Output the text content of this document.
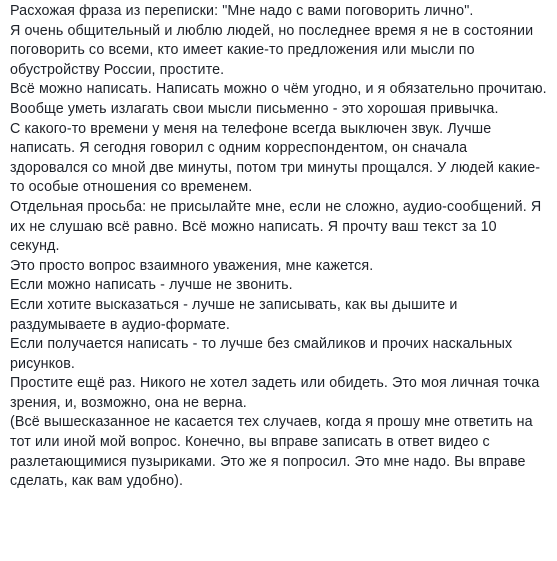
Расхожая фраза из переписки: "Мне надо с вами поговорить лично".

Я очень общительный и люблю людей, но последнее время я не в состоянии поговорить со всеми, кто имеет какие-то предложения или мысли по обустройству России, простите.

Всё можно написать. Написать можно о чём угодно, и я обязательно прочитаю.

Вообще уметь излагать свои мысли письменно - это хорошая привычка.

С какого-то времени у меня на телефоне всегда выключен звук. Лучше написать. Я сегодня говорил с одним корреспондентом, он сначала здоровался со мной две минуты, потом три минуты прощался. У людей какие-то особые отношения со временем.

Отдельная просьба: не присылайте мне, если не сложно, аудио-сообщений. Я их не слушаю всё равно. Всё можно написать. Я прочту ваш текст за 10 секунд.

Это просто вопрос взаимного уважения, мне кажется.

Если можно написать - лучше не звонить.

Если хотите высказаться - лучше не записывать, как вы дышите и раздумываете в аудио-формате.

Если получается написать - то лучше без смайликов и прочих наскальных рисунков.

Простите ещё раз. Никого не хотел задеть или обидеть. Это моя личная точка зрения, и, возможно, она не верна.

(Всё вышесказанное не касается тех случаев, когда я прошу мне ответить на тот или иной мой вопрос. Конечно, вы вправе записать в ответ видео с разлетающимися пузыриками. Это же я попросил. Это мне надо. Вы вправе сделать, как вам удобно).
